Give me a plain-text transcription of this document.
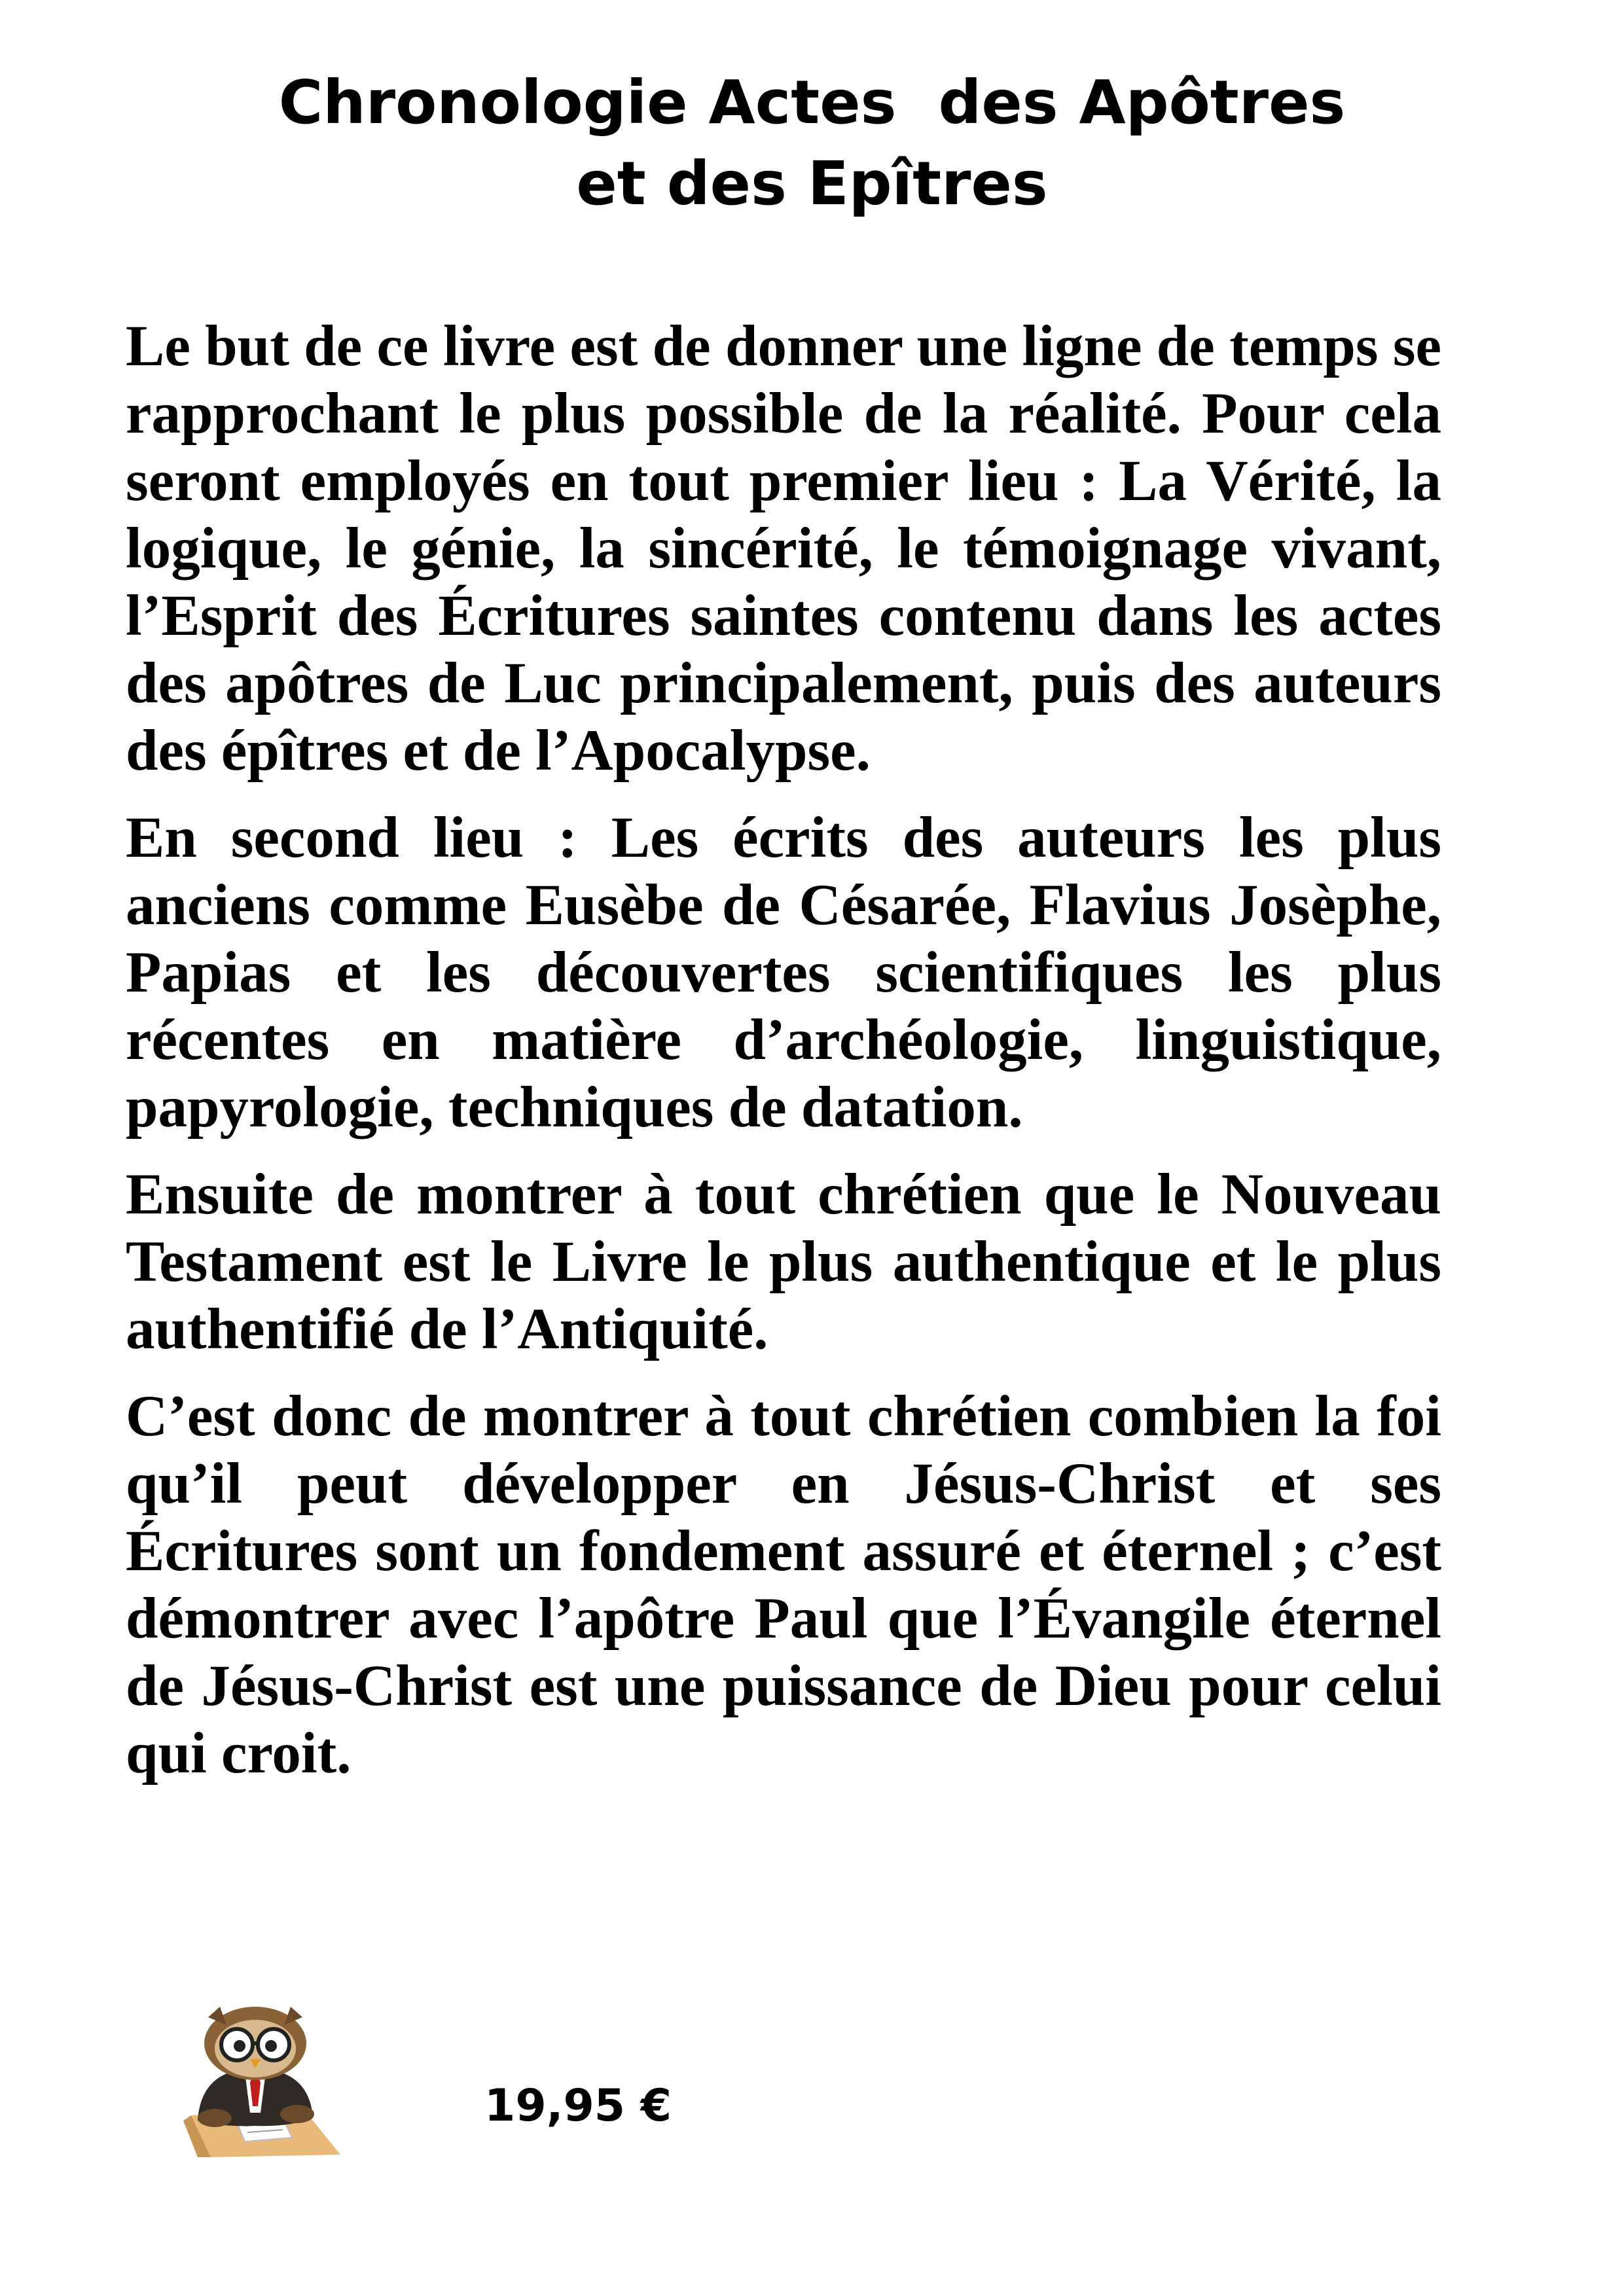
Chronologie Actes  des Apôtres
et des Epîtres

Le but de ce livre est de donner une ligne de temps se rapprochant le plus possible de la réalité. Pour cela seront employés en tout premier lieu : La Vérité, la logique, le génie, la sincérité, le témoignage vivant, l’Esprit des Écritures saintes contenu dans les actes des apôtres de Luc principalement, puis des auteurs des épîtres et de l’Apocalypse.

En second lieu : Les écrits des auteurs les plus anciens comme Eusèbe de Césarée, Flavius Josèphe, Papias et les découvertes scientifiques les plus récentes en matière d’archéologie, linguistique, papyrologie, techniques de datation.

Ensuite de montrer à tout chrétien que le Nouveau Testament est le Livre le plus authentique et le plus authentifié de l’Antiquité.

C’est donc de montrer à tout chrétien combien la foi qu’il peut développer en Jésus-Christ et ses Écritures sont un fondement assuré et éternel ; c’est démontrer avec l’apôtre Paul que l’Évangile éternel de Jésus-Christ est une puissance de Dieu pour celui qui croit.

19,95 €
